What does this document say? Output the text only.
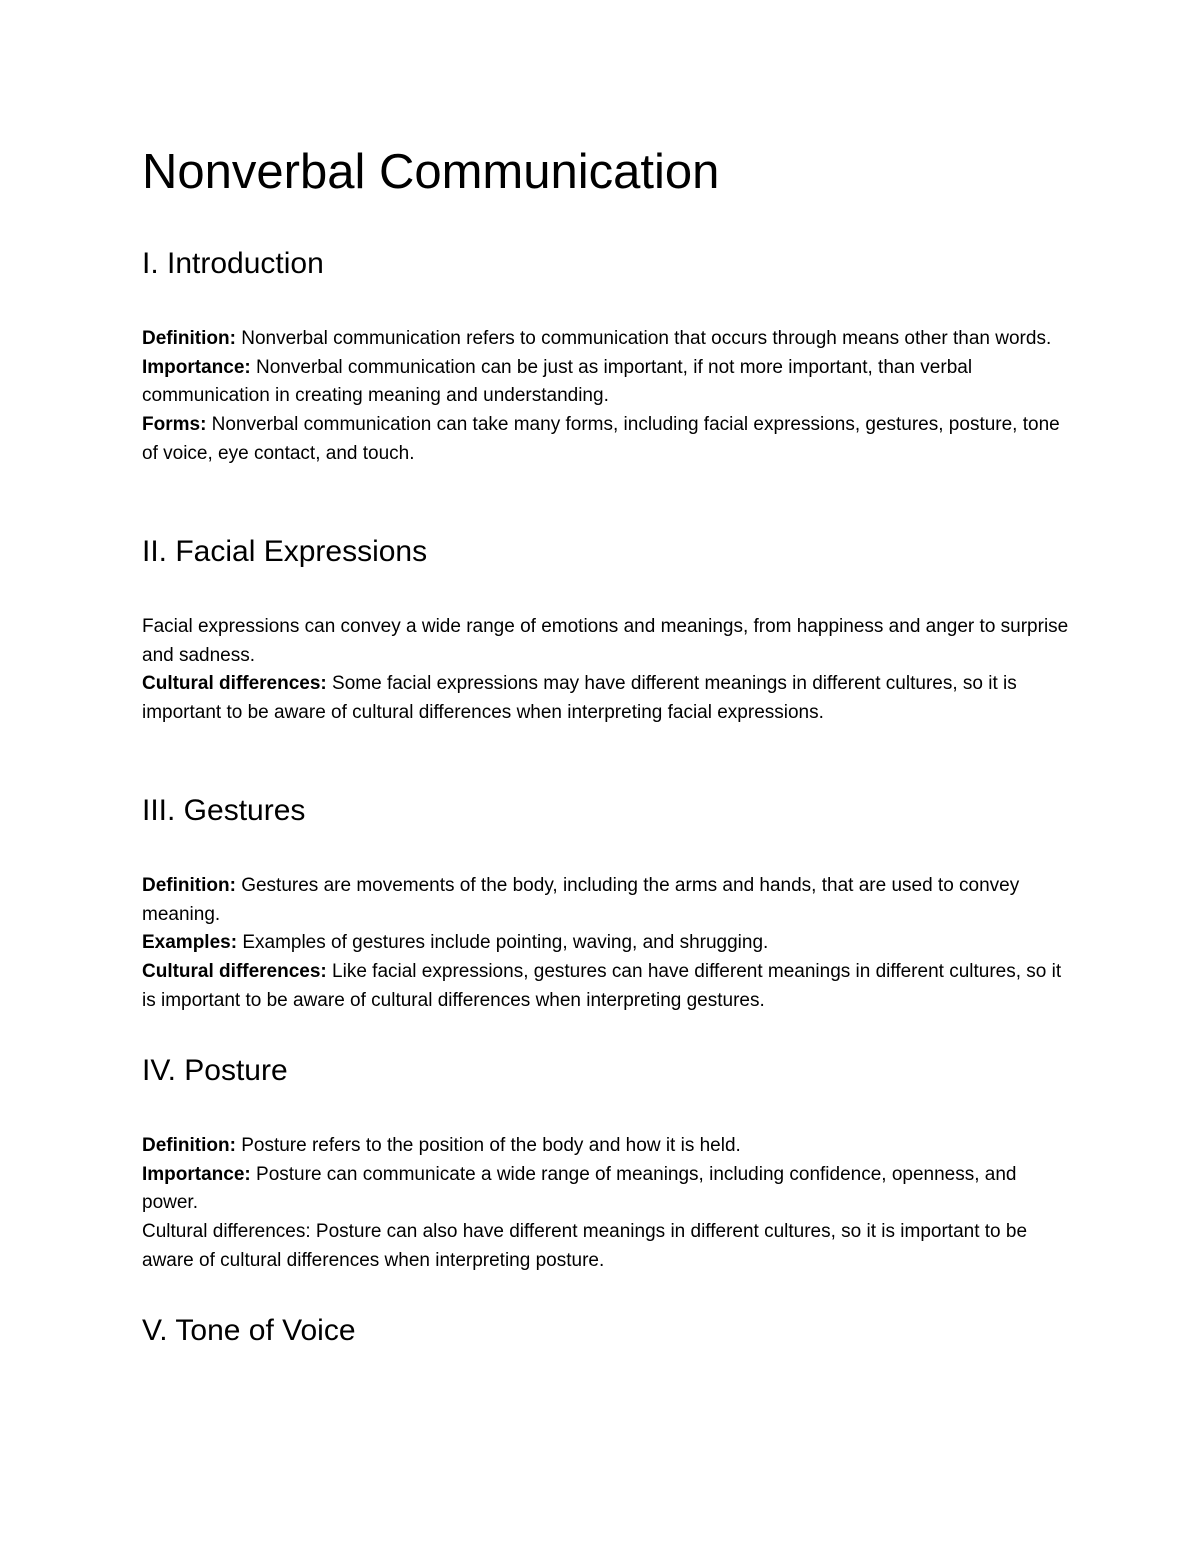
Nonverbal Communication
I. Introduction

Definition: Nonverbal communication refers to communication that occurs through means other than words.

Importance: Nonverbal communication can be just as important, if not more important, than verbal communication in creating meaning and understanding.

Forms: Nonverbal communication can take many forms, including facial expressions, gestures, posture, tone of voice, eye contact, and touch.

II. Facial Expressions

Facial expressions can convey a wide range of emotions and meanings, from happiness and anger to surprise and sadness.

Cultural differences: Some facial expressions may have different meanings in different cultures, so it is important to be aware of cultural differences when interpreting facial expressions.

III. Gestures

Definition: Gestures are movements of the body, including the arms and hands, that are used to convey meaning.

Examples: Examples of gestures include pointing, waving, and shrugging.

Cultural differences: Like facial expressions, gestures can have different meanings in different cultures, so it is important to be aware of cultural differences when interpreting gestures.

IV. Posture

Definition: Posture refers to the position of the body and how it is held.

Importance: Posture can communicate a wide range of meanings, including confidence, openness, and power.

Cultural differences: Posture can also have different meanings in different cultures, so it is important to be aware of cultural differences when interpreting posture.

V. Tone of Voice
